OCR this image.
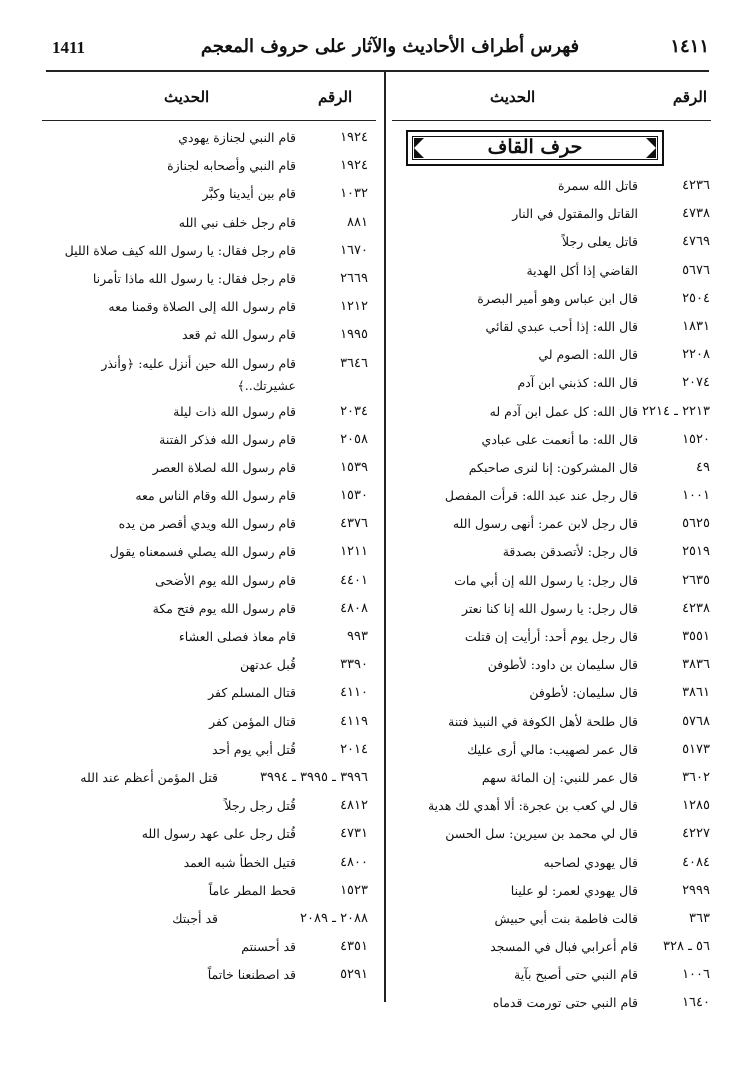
1411	فهرس أطراف الأحاديث والآثار على حروف المعجم	١٤١١
الرقم
الحديث
الرقم
الحديث
حرف القاف
٤٢٣٦
قاتل الله سمرة
٤٧٣٨
القاتل والمقتول في النار
٤٧٦٩
قاتل يعلى رجلاً
٥٦٧٦
القاضي إذا أكل الهدية
٢٥٠٤
قال ابن عباس وهو أمير البصرة
١٨٣١
قال الله: إذا أحب عبدي لقائي
٢٢٠٨
قال الله: الصوم لي
٢٠٧٤
قال الله: كذبني ابن آدم
٢٢١٣ ـ ٢٢١٤
قال الله: كل عمل ابن آدم له
١٥٢٠
قال الله: ما أنعمت على عبادي
٤٩
قال المشركون: إنا لنرى صاحبكم
١٠٠١
قال رجل عند عبد الله: قرأت المفصل
٥٦٢٥
قال رجل لابن عمر: أنهى رسول الله
٢٥١٩
قال رجل: لأتصدقن بصدقة
٢٦٣٥
قال رجل: يا رسول الله إن أبي مات
٤٢٣٨
قال رجل: يا رسول الله إنا كنا نعتر
٣٥٥١
قال رجل يوم أحد: أرأيت إن قتلت
٣٨٣٦
قال سليمان بن داود: لأطوفن
٣٨٦١
قال سليمان: لأطوفن
٥٧٦٨
قال طلحة لأهل الكوفة في النبيذ فتنة
٥١٧٣
قال عمر لصهيب: مالي أرى عليك
٣٦٠٢
قال عمر للنبي: إن المائة سهم
١٢٨٥
قال لي كعب بن عجرة: ألا أهدي لك هدية
٤٢٢٧
قال لي محمد بن سيرين: سل الحسن
٤٠٨٤
قال يهودي لصاحبه
٢٩٩٩
قال يهودي لعمر: لو علينا
٣٦٣
قالت فاطمة بنت أبي حبيش
٥٦ ـ ٣٢٨
قام أعرابي فبال في المسجد
١٠٠٦
قام النبي حتى أصبح بآية
١٦٤٠
قام النبي حتى تورمت قدماه
١٩٢٤
قام النبي لجنازة يهودي
١٩٢٤
قام النبي وأصحابه لجنازة
١٠٣٢
قام بين أيدينا وكبَّر
٨٨١
قام رجل خلف نبي الله
١٦٧٠
قام رجل فقال: يا رسول الله كيف صلاة الليل
٢٦٦٩
قام رجل فقال: يا رسول الله ماذا تأمرنا
١٢١٢
قام رسول الله إلى الصلاة وقمنا معه
١٩٩٥
قام رسول الله ثم قعد
٣٦٤٦
قام رسول الله حين أنزل عليه: ﴿وأنذر عشيرتك..﴾
٢٠٣٤
قام رسول الله ذات ليلة
٢٠٥٨
قام رسول الله فذكر الفتنة
١٥٣٩
قام رسول الله لصلاة العصر
١٥٣٠
قام رسول الله وقام الناس معه
٤٣٧٦
قام رسول الله ويدي أقصر من يده
١٢١١
قام رسول الله يصلي فسمعناه يقول
٤٤٠١
قام رسول الله يوم الأضحى
٤٨٠٨
قام رسول الله يوم فتح مكة
٩٩٣
قام معاذ فصلى العشاء
٣٣٩٠
قُبل عدتهن
٤١١٠
قتال المسلم كفر
٤١١٩
قتال المؤمن كفر
٢٠١٤
قُتل أبي يوم أحد
٣٩٩٦ ـ ٣٩٩٥ ـ ٣٩٩٤
قتل المؤمن أعظم عند الله
٤٨١٢
قُتل رجل رجلاً
٤٧٣١
قُتل رجل على عهد رسول الله
٤٨٠٠
قتيل الخطأ شبه العمد
١٥٢٣
قحط المطر عاماً
٢٠٨٨ ـ ٢٠٨٩
قد أجبتك
٤٣٥١
قد أحسنتم
٥٢٩١
قد اصطنعنا خاتماً
